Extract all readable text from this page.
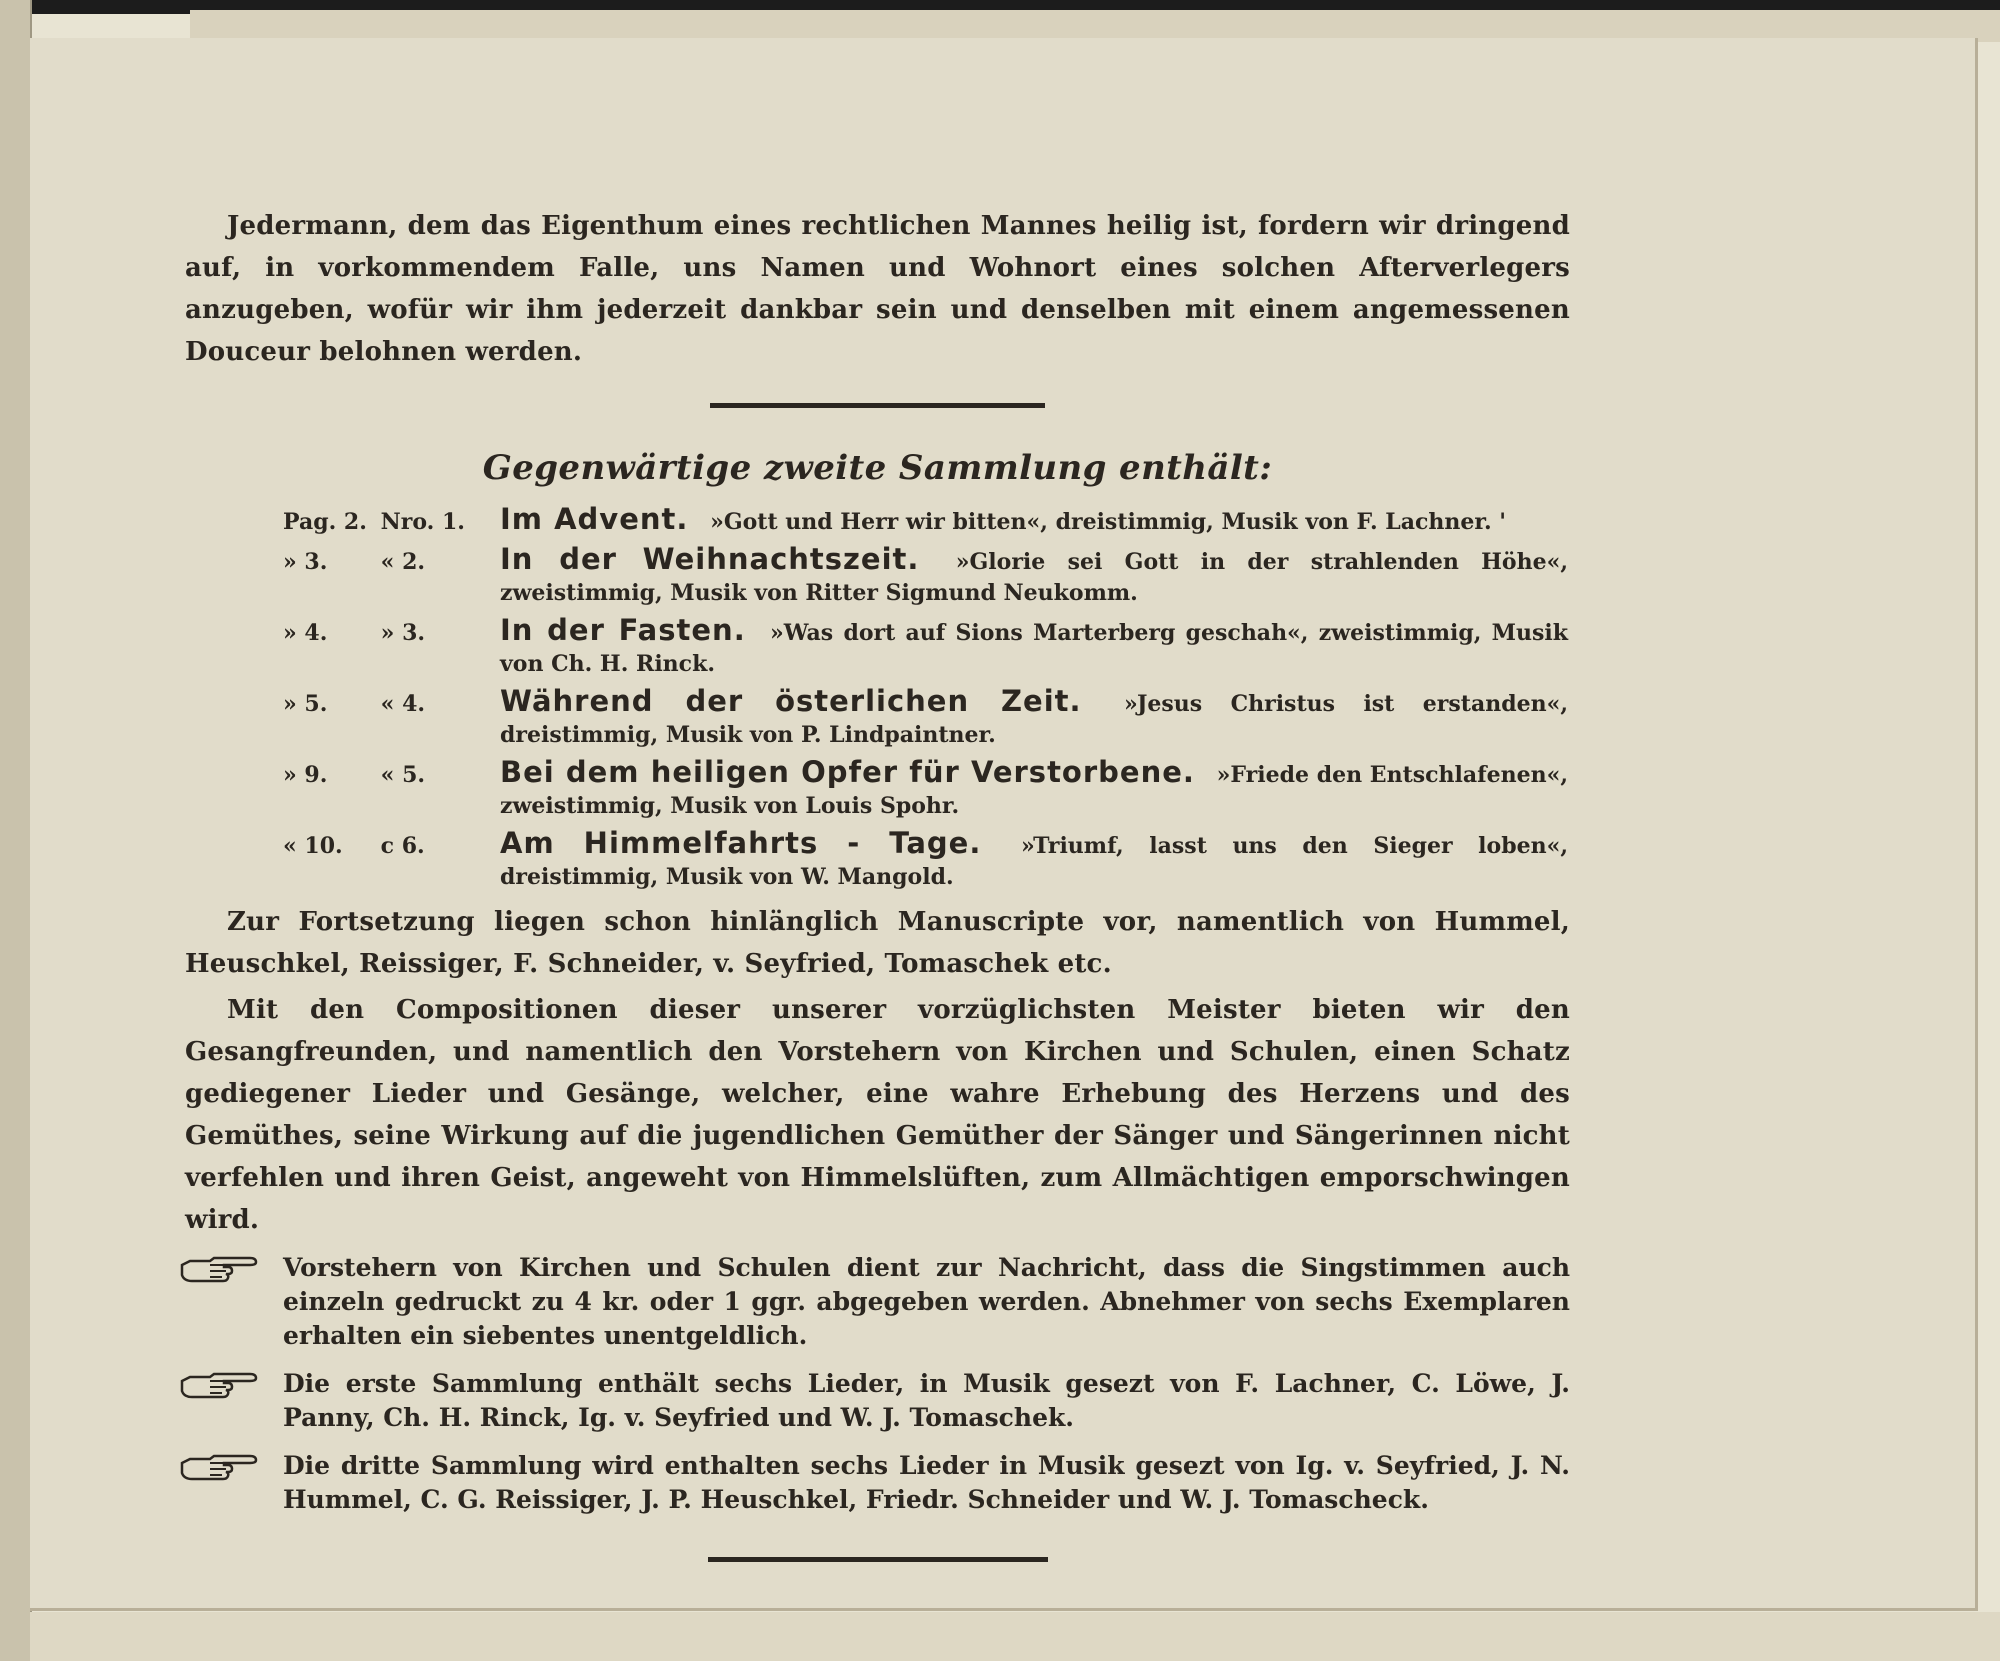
Jedermann, dem das Eigenthum eines rechtlichen Mannes heilig ist, fordern wir dringend auf, in vorkommendem Falle, uns Namen und Wohnort eines solchen Afterverlegers anzugeben, wofür wir ihm jederzeit dankbar sein und denselben mit einem angemessenen Douceur belohnen werden.

Gegenwärtige zweite Sammlung enthält:
Pag. 2. Nro. 1.	Im Advent. »Gott und Herr wir bitten«, dreistimmig, Musik von F. Lachner. '
» 3. « 2.	In der Weihnachtszeit. »Glorie sei Gott in der strahlenden Höhe«, zweistimmig, Musik von Ritter Sigmund Neukomm.
» 4. » 3.	In der Fasten. »Was dort auf Sions Marterberg geschah«, zweistimmig, Musik von Ch. H. Rinck.
» 5. « 4.	Während der österlichen Zeit. »Jesus Christus ist erstanden«, dreistimmig, Musik von P. Lindpaintner.
» 9. « 5.	Bei dem heiligen Opfer für Verstorbene. »Friede den Entschlafenen«, zweistimmig, Musik von Louis Spohr.
« 10. c 6.	Am Himmelfahrts - Tage. »Triumf, lasst uns den Sieger loben«, dreistimmig, Musik von W. Mangold.

Zur Fortsetzung liegen schon hinlänglich Manuscripte vor, namentlich von Hummel, Heuschkel, Reissiger, F. Schneider, v. Seyfried, Tomaschek etc.

Mit den Compositionen dieser unserer vorzüglichsten Meister bieten wir den Gesangfreunden, und namentlich den Vorstehern von Kirchen und Schulen, einen Schatz gediegener Lieder und Gesänge, welcher, eine wahre Erhebung des Herzens und des Gemüthes, seine Wirkung auf die jugendlichen Gemüther der Sänger und Sängerinnen nicht verfehlen und ihren Geist, angeweht von Himmelslüften, zum Allmächtigen emporschwingen wird.

Vorstehern von Kirchen und Schulen dient zur Nachricht, dass die Singstimmen auch einzeln gedruckt zu 4 kr. oder 1 ggr. abgegeben werden. Abnehmer von sechs Exemplaren erhalten ein siebentes unentgeldlich.
Die erste Sammlung enthält sechs Lieder, in Musik gesezt von F. Lachner, C. Löwe, J. Panny, Ch. H. Rinck, Ig. v. Seyfried und W. J. Tomaschek.
Die dritte Sammlung wird enthalten sechs Lieder in Musik gesezt von Ig. v. Seyfried, J. N. Hummel, C. G. Reissiger, J. P. Heuschkel, Friedr. Schneider und W. J. Tomascheck.
